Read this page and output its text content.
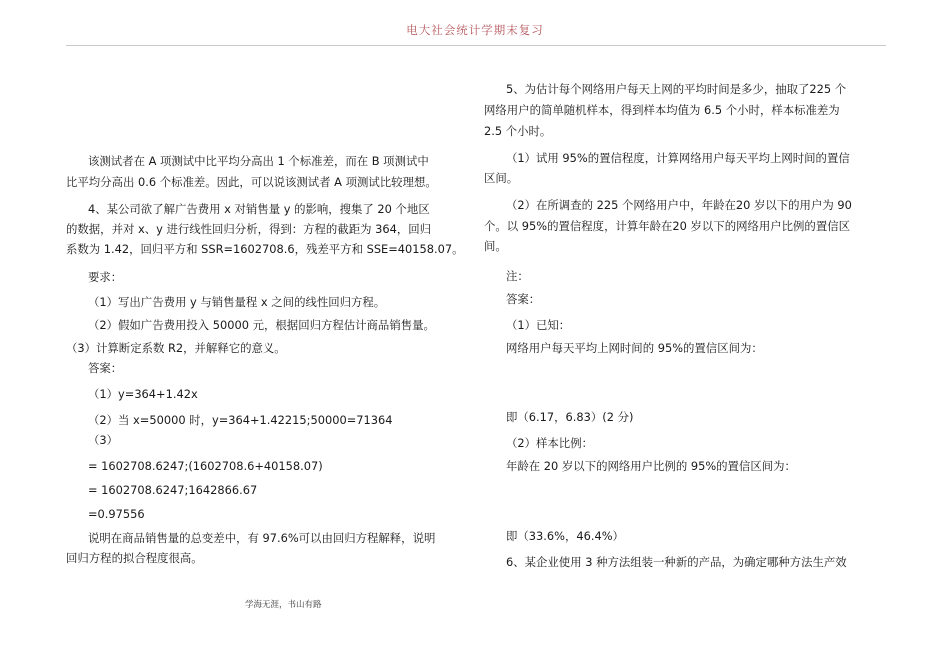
电大社会统计学期末复习
该测试者在 A 项测试中比平均分高出 1 个标准差，而在 B 项测试中
比平均分高出 0.6 个标准差。因此，可以说该测试者 A 项测试比较理想。
4、某公司欲了解广告费用 x 对销售量 y 的影响，搜集了 20 个地区
的数据，并对 x、y 进行线性回归分析，得到：方程的截距为 364，回归
系数为 1.42，回归平方和 SSR=1602708.6，残差平方和 SSE=40158.07。
要求：
（1）写出广告费用 y 与销售量程 x 之间的线性回归方程。
（2）假如广告费用投入 50000 元，根据回归方程估计商品销售量。
（3）计算断定系数 R2，并解释它的意义。
答案：
（1）y=364+1.42x
（2）当 x=50000 时，y=364+1.42215;50000=71364
（3）
= 1602708.6247;(1602708.6+40158.07)
= 1602708.6247;1642866.67
=0.97556
说明在商品销售量的总变差中，有 97.6%可以由回归方程解释，说明
回归方程的拟合程度很高。
5、为估计每个网络用户每天上网的平均时间是多少，抽取了225 个
网络用户的简单随机样本，得到样本均值为 6.5 个小时，样本标准差为
2.5 个小时。
（1）试用 95%的置信程度，计算网络用户每天平均上网时间的置信
区间。
（2）在所调查的 225 个网络用户中，年龄在20 岁以下的用户为 90
个。以 95%的置信程度，计算年龄在20 岁以下的网络用户比例的置信区
间。
注：
答案：
（1）已知：
网络用户每天平均上网时间的 95%的置信区间为：
即（6.17，6.83）(2 分)
（2）样本比例：
年龄在 20 岁以下的网络用户比例的 95%的置信区间为：
即（33.6%，46.4%）
6、某企业使用 3 种方法组装一种新的产品，为确定哪种方法生产效
学海无涯，书山有路
